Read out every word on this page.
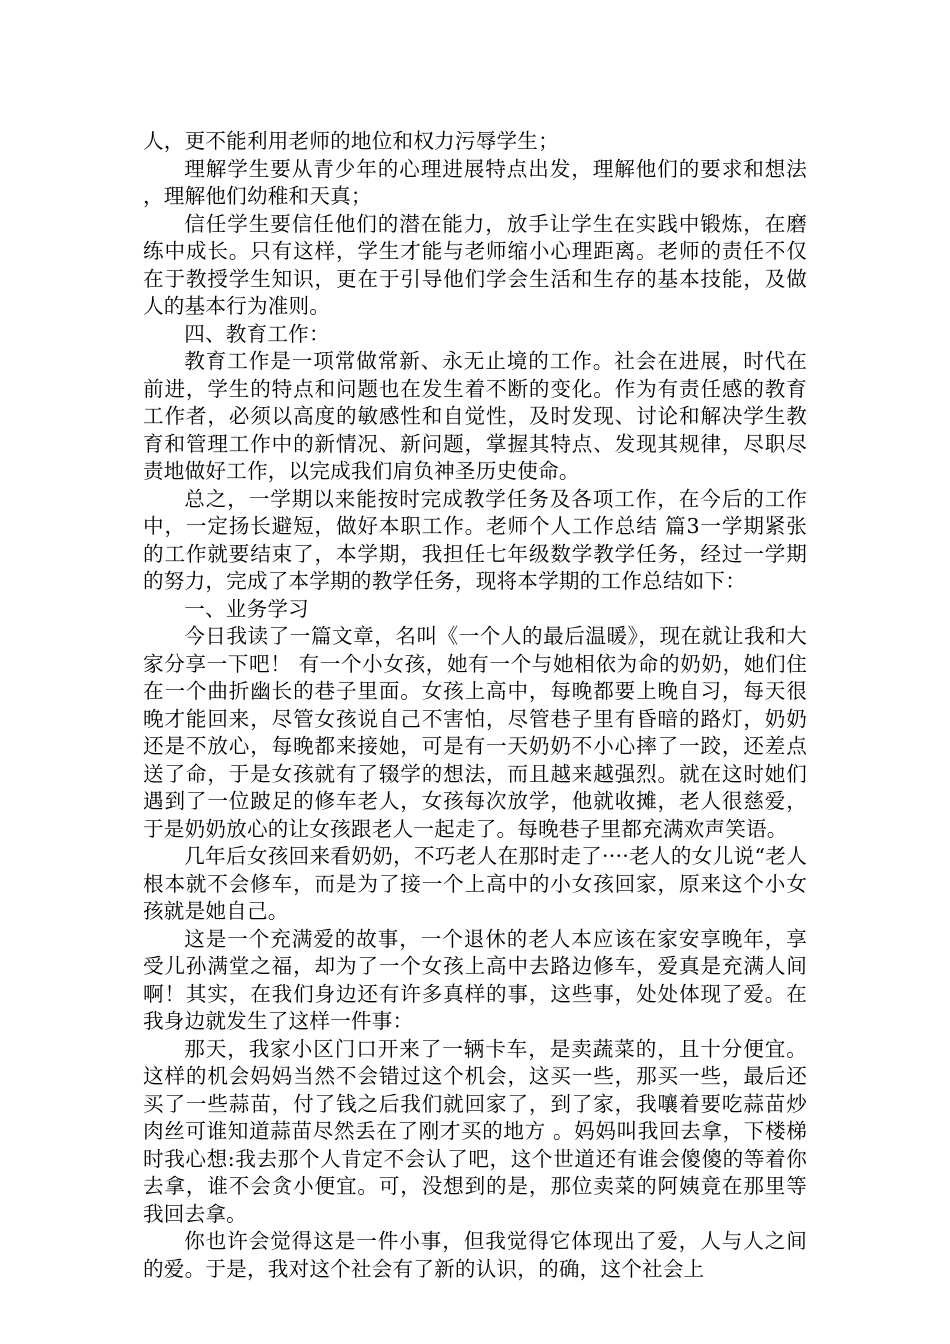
人，更不能利用老师的地位和权力污辱学生；

理解学生要从青少年的心理进展特点出发，理解他们的要求和想法，理解他们幼稚和天真；

信任学生要信任他们的潜在能力，放手让学生在实践中锻炼，在磨练中成长。只有这样，学生才能与老师缩小心理距离。老师的责任不仅在于教授学生知识，更在于引导他们学会生活和生存的基本技能，及做人的基本行为准则。

四、教育工作：

教育工作是一项常做常新、永无止境的工作。社会在进展，时代在前进，学生的特点和问题也在发生着不断的变化。作为有责任感的教育工作者，必须以高度的敏感性和自觉性，及时发现、讨论和解决学生教育和管理工作中的新情况、新问题，掌握其特点、发现其规律，尽职尽责地做好工作，以完成我们肩负神圣历史使命。

总之，一学期以来能按时完成教学任务及各项工作，在今后的工作中，一定扬长避短，做好本职工作。老师个人工作总结 篇3一学期紧张的工作就要结束了，本学期，我担任七年级数学教学任务，经过一学期的努力，完成了本学期的教学任务，现将本学期的工作总结如下：

一、业务学习

今日我读了一篇文章，名叫《一个人的最后温暖》，现在就让我和大家分享一下吧！ 有一个小女孩，她有一个与她相依为命的奶奶，她们住在一个曲折幽长的巷子里面。女孩上高中，每晚都要上晚自习，每天很晚才能回来，尽管女孩说自己不害怕，尽管巷子里有昏暗的路灯，奶奶还是不放心，每晚都来接她，可是有一天奶奶不小心摔了一跤，还差点送了命，于是女孩就有了辍学的想法，而且越来越强烈。就在这时她们遇到了一位跛足的修车老人，女孩每次放学，他就收摊，老人很慈爱，于是奶奶放心的让女孩跟老人一起走了。每晚巷子里都充满欢声笑语。

几年后女孩回来看奶奶，不巧老人在那时走了····老人的女儿说“老人根本就不会修车，而是为了接一个上高中的小女孩回家，原来这个小女孩就是她自己。

这是一个充满爱的故事，一个退休的老人本应该在家安享晚年，享受儿孙满堂之福，却为了一个女孩上高中去路边修车，爱真是充满人间啊！其实，在我们身边还有许多真样的事，这些事，处处体现了爱。在我身边就发生了这样一件事：

那天，我家小区门口开来了一辆卡车，是卖蔬菜的，且十分便宜。这样的机会妈妈当然不会错过这个机会，这买一些，那买一些，最后还买了一些蒜苗，付了钱之后我们就回家了，到了家，我嚷着要吃蒜苗炒肉丝可谁知道蒜苗尽然丢在了刚才买的地方 。妈妈叫我回去拿，下楼梯时我心想:我去那个人肯定不会认了吧，这个世道还有谁会傻傻的等着你去拿，谁不会贪小便宜。可，没想到的是，那位卖菜的阿姨竟在那里等我回去拿。

你也许会觉得这是一件小事，但我觉得它体现出了爱，人与人之间的爱。于是，我对这个社会有了新的认识，的确，这个社会上
